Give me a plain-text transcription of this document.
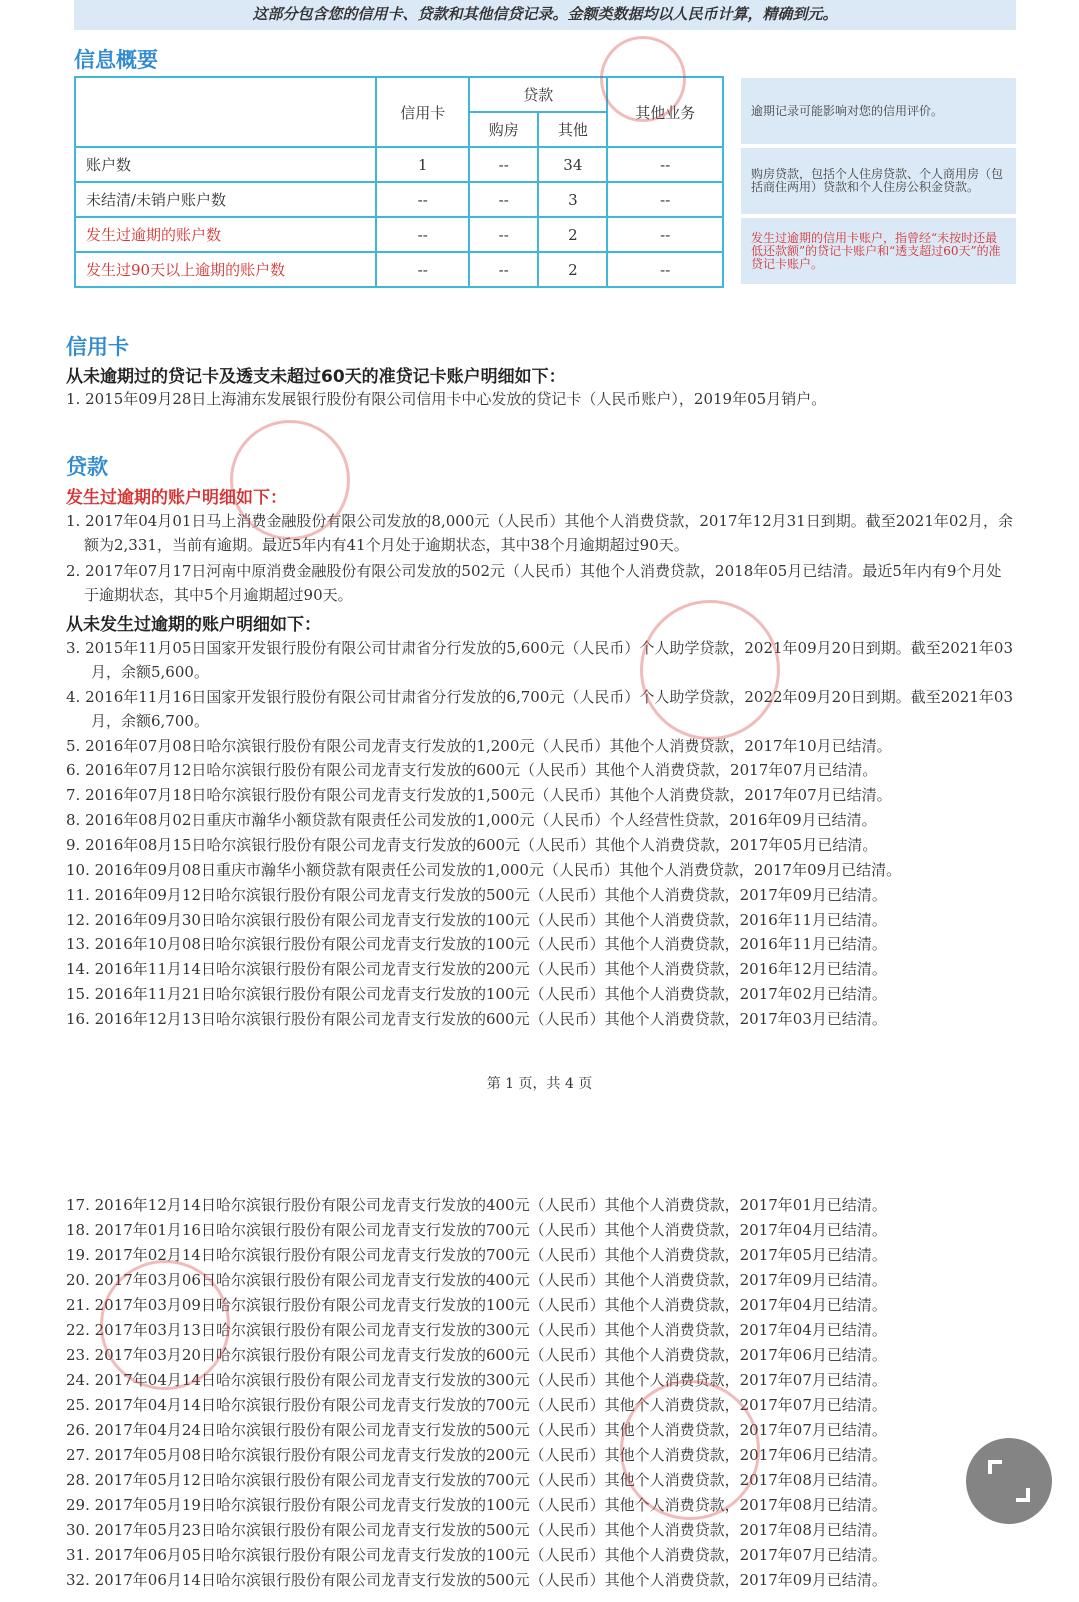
这部分包含您的信用卡、贷款和其他信贷记录。金额类数据均以人民币计算，精确到元。
信息概要
	信用卡	贷款		其他业务
		购房	其他	
账户数	1	--	34	--
未结清/未销户账户数	--	--	3	--
发生过逾期的账户数	--	--	2	--
发生过90天以上逾期的账户数	--	--	2	--
逾期记录可能影响对您的信用评价。
购房贷款，包括个人住房贷款、个人商用房（包括商住两用）贷款和个人住房公积金贷款。
发生过逾期的信用卡账户，指曾经“未按时还最低还款额”的贷记卡账户和“透支超过60天”的准贷记卡账户。
信用卡
从未逾期过的贷记卡及透支未超过60天的准贷记卡账户明细如下：
1. 2015年09月28日上海浦东发展银行股份有限公司信用卡中心发放的贷记卡（人民币账户），2019年05月销户。
贷款
发生过逾期的账户明细如下：
1. 2017年04月01日马上消费金融股份有限公司发放的8,000元（人民币）其他个人消费贷款，2017年12月31日到期。截至2021年02月，余额为2,331，当前有逾期。最近5年内有41个月处于逾期状态，其中38个月逾期超过90天。
2. 2017年07月17日河南中原消费金融股份有限公司发放的502元（人民币）其他个人消费贷款，2018年05月已结清。最近5年内有9个月处于逾期状态，其中5个月逾期超过90天。
从未发生过逾期的账户明细如下：
3. 2015年11月05日国家开发银行股份有限公司甘肃省分行发放的5,600元（人民币）个人助学贷款，2021年09月20日到期。截至2021年03月，余额5,600。
4. 2016年11月16日国家开发银行股份有限公司甘肃省分行发放的6,700元（人民币）个人助学贷款，2022年09月20日到期。截至2021年03月，余额6,700。
5. 2016年07月08日哈尔滨银行股份有限公司龙青支行发放的1,200元（人民币）其他个人消费贷款，2017年10月已结清。
6. 2016年07月12日哈尔滨银行股份有限公司龙青支行发放的600元（人民币）其他个人消费贷款，2017年07月已结清。
7. 2016年07月18日哈尔滨银行股份有限公司龙青支行发放的1,500元（人民币）其他个人消费贷款，2017年07月已结清。
8. 2016年08月02日重庆市瀚华小额贷款有限责任公司发放的1,000元（人民币）个人经营性贷款，2016年09月已结清。
9. 2016年08月15日哈尔滨银行股份有限公司龙青支行发放的600元（人民币）其他个人消费贷款，2017年05月已结清。
10. 2016年09月08日重庆市瀚华小额贷款有限责任公司发放的1,000元（人民币）其他个人消费贷款，2017年09月已结清。
11. 2016年09月12日哈尔滨银行股份有限公司龙青支行发放的500元（人民币）其他个人消费贷款，2017年09月已结清。
12. 2016年09月30日哈尔滨银行股份有限公司龙青支行发放的100元（人民币）其他个人消费贷款，2016年11月已结清。
13. 2016年10月08日哈尔滨银行股份有限公司龙青支行发放的100元（人民币）其他个人消费贷款，2016年11月已结清。
14. 2016年11月14日哈尔滨银行股份有限公司龙青支行发放的200元（人民币）其他个人消费贷款，2016年12月已结清。
15. 2016年11月21日哈尔滨银行股份有限公司龙青支行发放的100元（人民币）其他个人消费贷款，2017年02月已结清。
16. 2016年12月13日哈尔滨银行股份有限公司龙青支行发放的600元（人民币）其他个人消费贷款，2017年03月已结清。
第 1 页，共 4 页
17. 2016年12月14日哈尔滨银行股份有限公司龙青支行发放的400元（人民币）其他个人消费贷款，2017年01月已结清。
18. 2017年01月16日哈尔滨银行股份有限公司龙青支行发放的700元（人民币）其他个人消费贷款，2017年04月已结清。
19. 2017年02月14日哈尔滨银行股份有限公司龙青支行发放的700元（人民币）其他个人消费贷款，2017年05月已结清。
20. 2017年03月06日哈尔滨银行股份有限公司龙青支行发放的400元（人民币）其他个人消费贷款，2017年09月已结清。
21. 2017年03月09日哈尔滨银行股份有限公司龙青支行发放的100元（人民币）其他个人消费贷款，2017年04月已结清。
22. 2017年03月13日哈尔滨银行股份有限公司龙青支行发放的300元（人民币）其他个人消费贷款，2017年04月已结清。
23. 2017年03月20日哈尔滨银行股份有限公司龙青支行发放的600元（人民币）其他个人消费贷款，2017年06月已结清。
24. 2017年04月14日哈尔滨银行股份有限公司龙青支行发放的300元（人民币）其他个人消费贷款，2017年07月已结清。
25. 2017年04月14日哈尔滨银行股份有限公司龙青支行发放的700元（人民币）其他个人消费贷款，2017年07月已结清。
26. 2017年04月24日哈尔滨银行股份有限公司龙青支行发放的500元（人民币）其他个人消费贷款，2017年07月已结清。
27. 2017年05月08日哈尔滨银行股份有限公司龙青支行发放的200元（人民币）其他个人消费贷款，2017年06月已结清。
28. 2017年05月12日哈尔滨银行股份有限公司龙青支行发放的700元（人民币）其他个人消费贷款，2017年08月已结清。
29. 2017年05月19日哈尔滨银行股份有限公司龙青支行发放的100元（人民币）其他个人消费贷款，2017年08月已结清。
30. 2017年05月23日哈尔滨银行股份有限公司龙青支行发放的500元（人民币）其他个人消费贷款，2017年08月已结清。
31. 2017年06月05日哈尔滨银行股份有限公司龙青支行发放的100元（人民币）其他个人消费贷款，2017年07月已结清。
32. 2017年06月14日哈尔滨银行股份有限公司龙青支行发放的500元（人民币）其他个人消费贷款，2017年09月已结清。
